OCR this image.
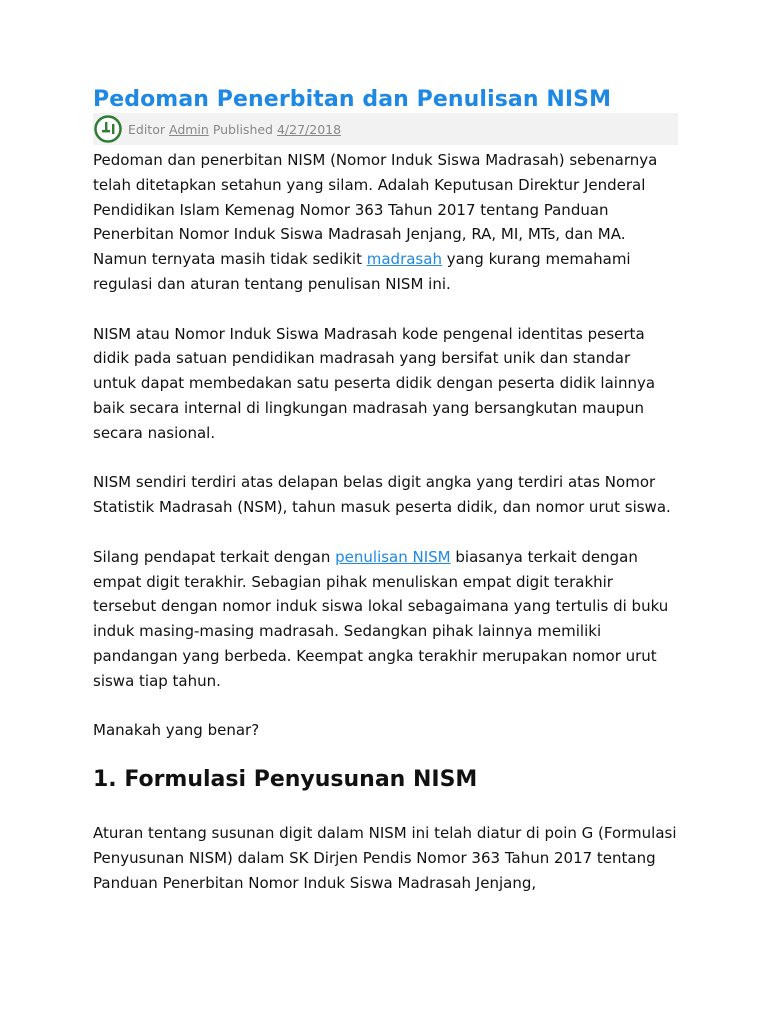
Pedoman Penerbitan dan Penulisan NISM
Editor
Admin
Published
4/27/2018

Pedoman dan penerbitan NISM (Nomor Induk Siswa Madrasah) sebenarnya telah ditetapkan setahun yang silam. Adalah Keputusan Direktur Jenderal Pendidikan Islam Kemenag Nomor 363 Tahun 2017 tentang Panduan Penerbitan Nomor Induk Siswa Madrasah Jenjang, RA, MI, MTs, dan MA. Namun ternyata masih tidak sedikit madrasah yang kurang memahami regulasi dan aturan tentang penulisan NISM ini.

NISM atau Nomor Induk Siswa Madrasah kode pengenal identitas peserta didik pada satuan pendidikan madrasah yang bersifat unik dan standar untuk dapat membedakan satu peserta didik dengan peserta didik lainnya baik secara internal di lingkungan madrasah yang bersangkutan maupun secara nasional.

NISM sendiri terdiri atas delapan belas digit angka yang terdiri atas Nomor Statistik Madrasah (NSM), tahun masuk peserta didik, dan nomor urut siswa.

Silang pendapat terkait dengan penulisan NISM biasanya terkait dengan empat digit terakhir. Sebagian pihak menuliskan empat digit terakhir tersebut dengan nomor induk siswa lokal sebagaimana yang tertulis di buku induk masing-masing madrasah. Sedangkan pihak lainnya memiliki pandangan yang berbeda. Keempat angka terakhir merupakan nomor urut siswa tiap tahun.

Manakah yang benar?

1. Formulasi Penyusunan NISM

Aturan tentang susunan digit dalam NISM ini telah diatur di poin G (Formulasi Penyusunan NISM) dalam SK Dirjen Pendis Nomor 363 Tahun 2017 tentang Panduan Penerbitan Nomor Induk Siswa Madrasah Jenjang,
